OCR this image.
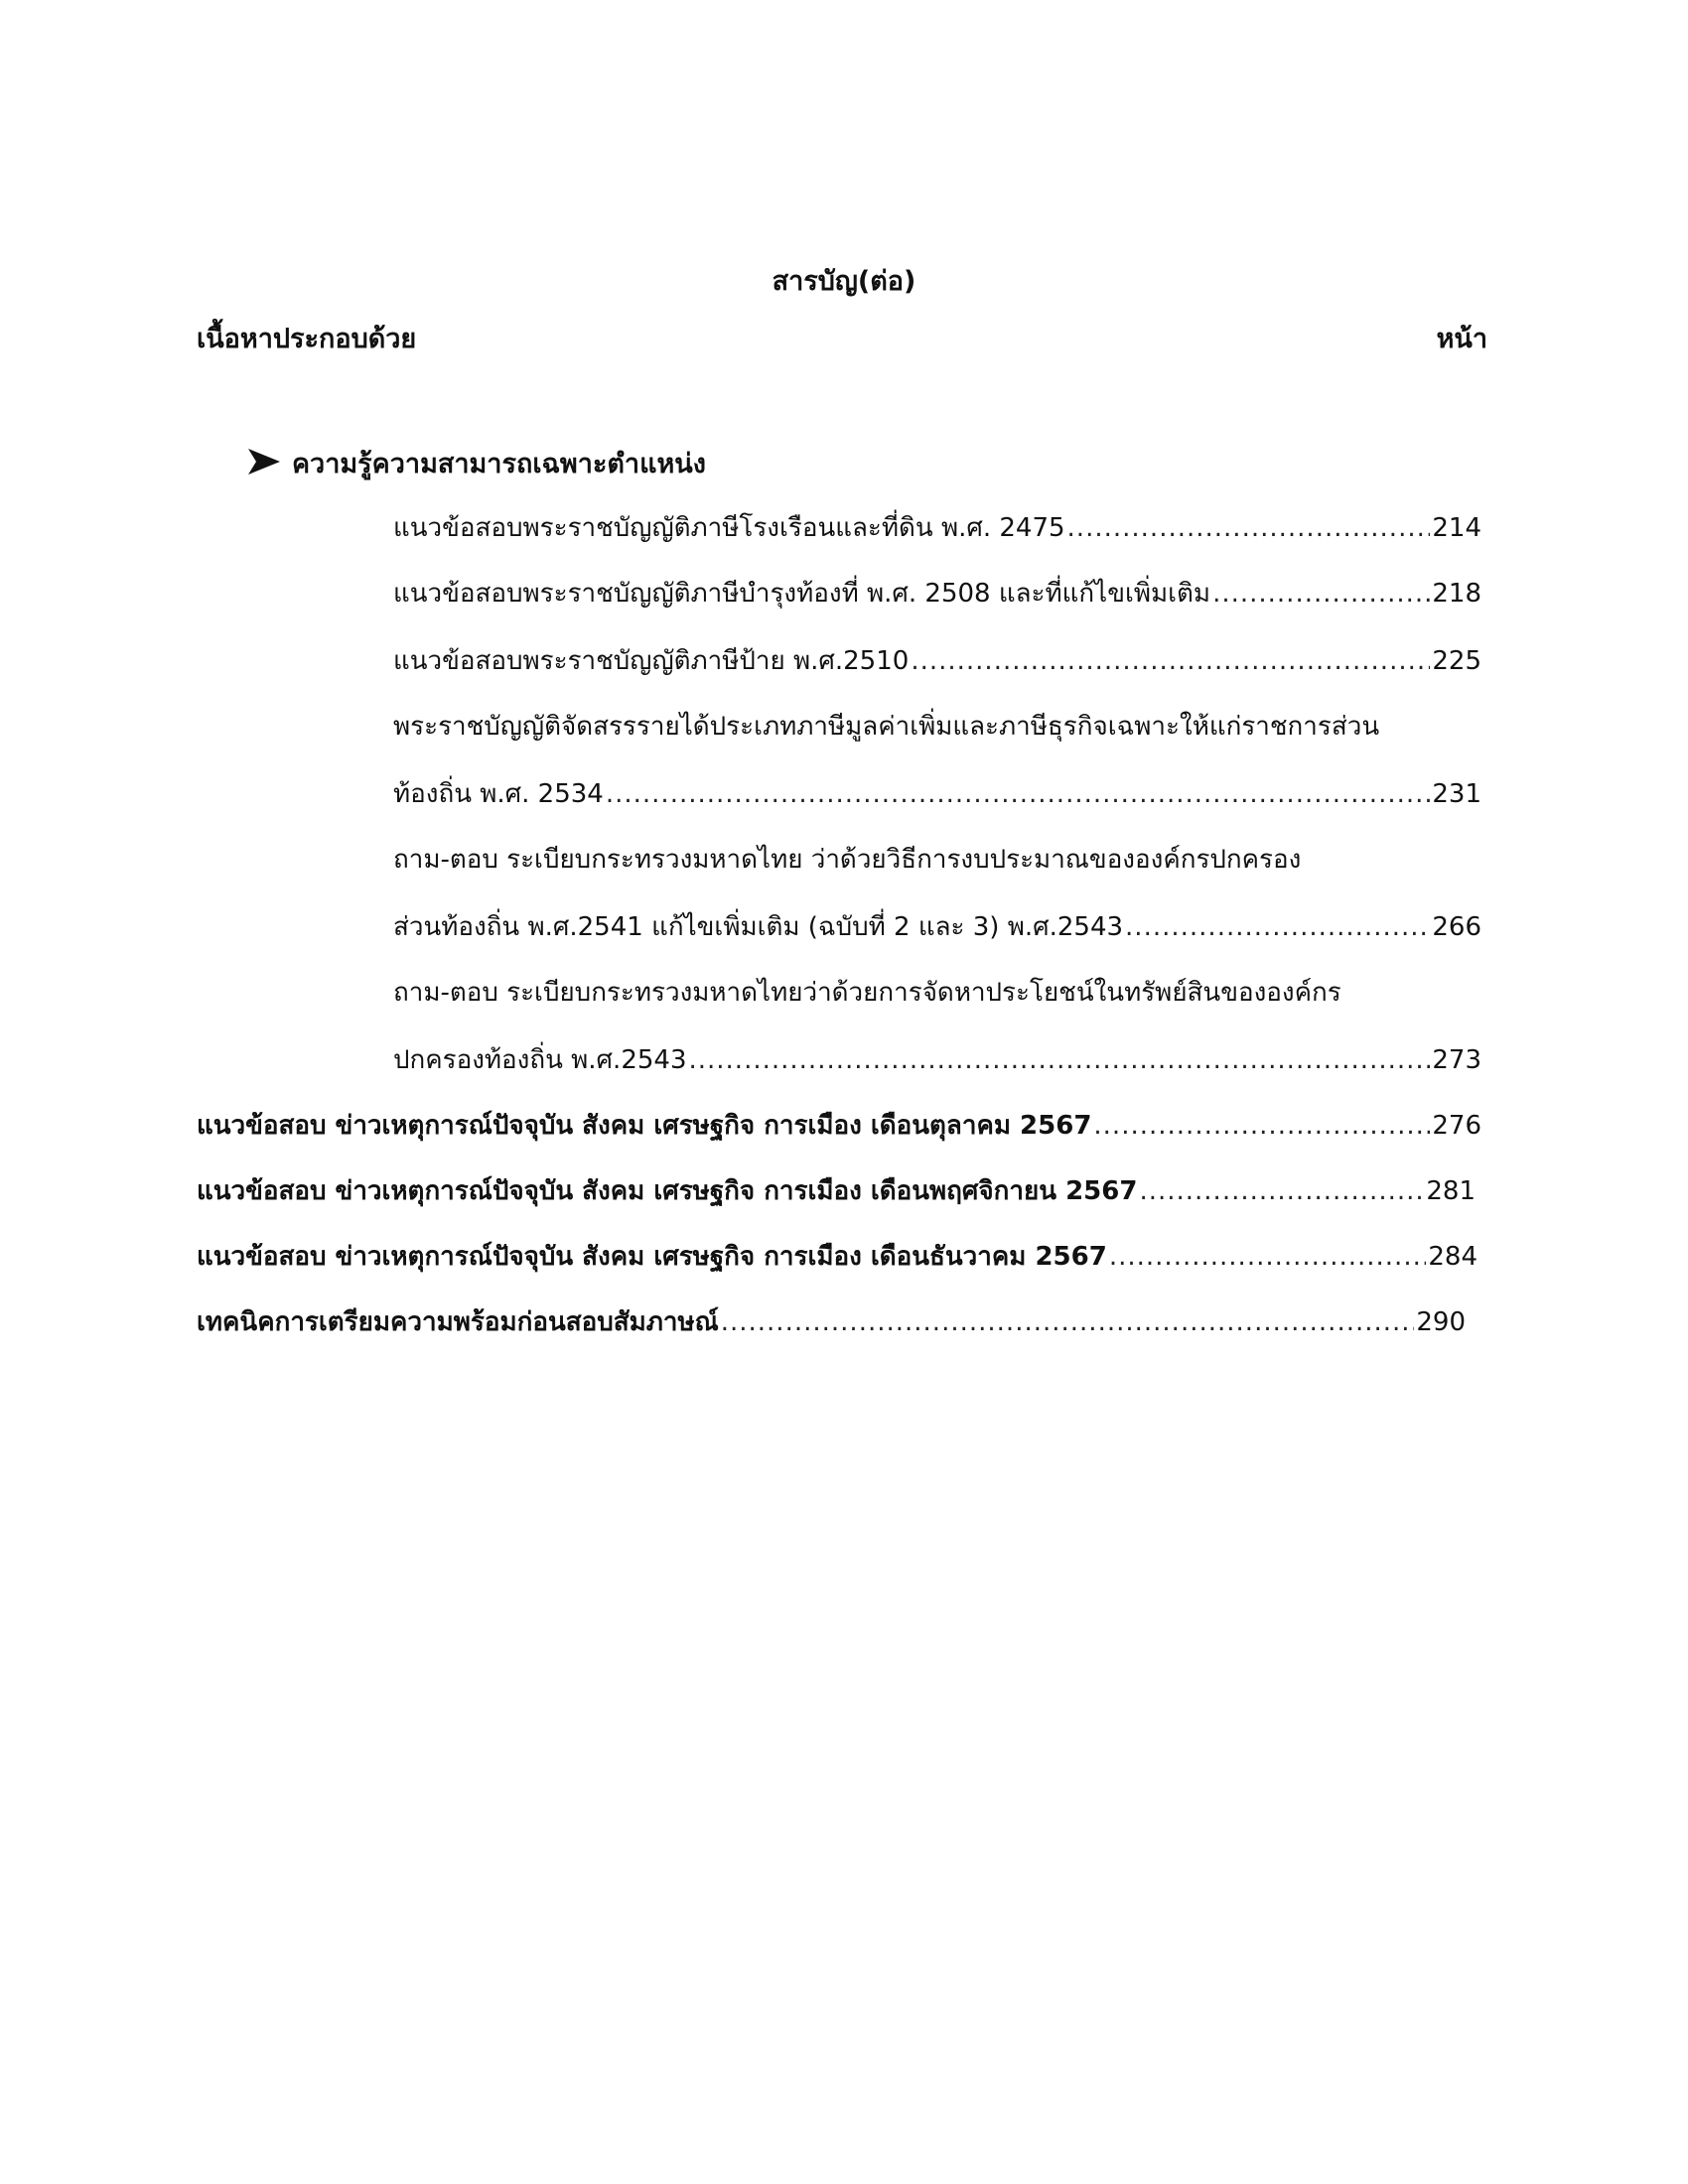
สารบัญ(ต่อ)
เนื้อหาประกอบด้วย	หน้า
ความรู้ความสามารถเฉพาะตำแหน่ง
แนวข้อสอบพระราชบัญญัติภาษีโรงเรือนและที่ดิน พ.ศ. 2475 .....	214
แนวข้อสอบพระราชบัญญัติภาษีบำรุงท้องที่ พ.ศ. 2508 และที่แก้ไขเพิ่มเติม .....	218
แนวข้อสอบพระราชบัญญัติภาษีป้าย พ.ศ.2510 .....	225
พระราชบัญญัติจัดสรรรายได้ประเภทภาษีมูลค่าเพิ่มและภาษีธุรกิจเฉพาะให้แก่ราชการส่วน
ท้องถิ่น พ.ศ. 2534 .....	231
ถาม-ตอบ ระเบียบกระทรวงมหาดไทย ว่าด้วยวิธีการงบประมาณขององค์กรปกครอง
ส่วนท้องถิ่น พ.ศ.2541 แก้ไขเพิ่มเติม (ฉบับที่ 2 และ 3) พ.ศ.2543 .....	266
ถาม-ตอบ ระเบียบกระทรวงมหาดไทยว่าด้วยการจัดหาประโยชน์ในทรัพย์สินขององค์กร
ปกครองท้องถิ่น พ.ศ.2543 .....	273
แนวข้อสอบ ข่าวเหตุการณ์ปัจจุบัน สังคม เศรษฐกิจ การเมือง เดือนตุลาคม 2567 .....	276
แนวข้อสอบ ข่าวเหตุการณ์ปัจจุบัน สังคม เศรษฐกิจ การเมือง เดือนพฤศจิกายน 2567 .....	281
แนวข้อสอบ ข่าวเหตุการณ์ปัจจุบัน สังคม เศรษฐกิจ การเมือง เดือนธันวาคม 2567 .....	284
เทคนิคการเตรียมความพร้อมก่อนสอบสัมภาษณ์ .....	290
